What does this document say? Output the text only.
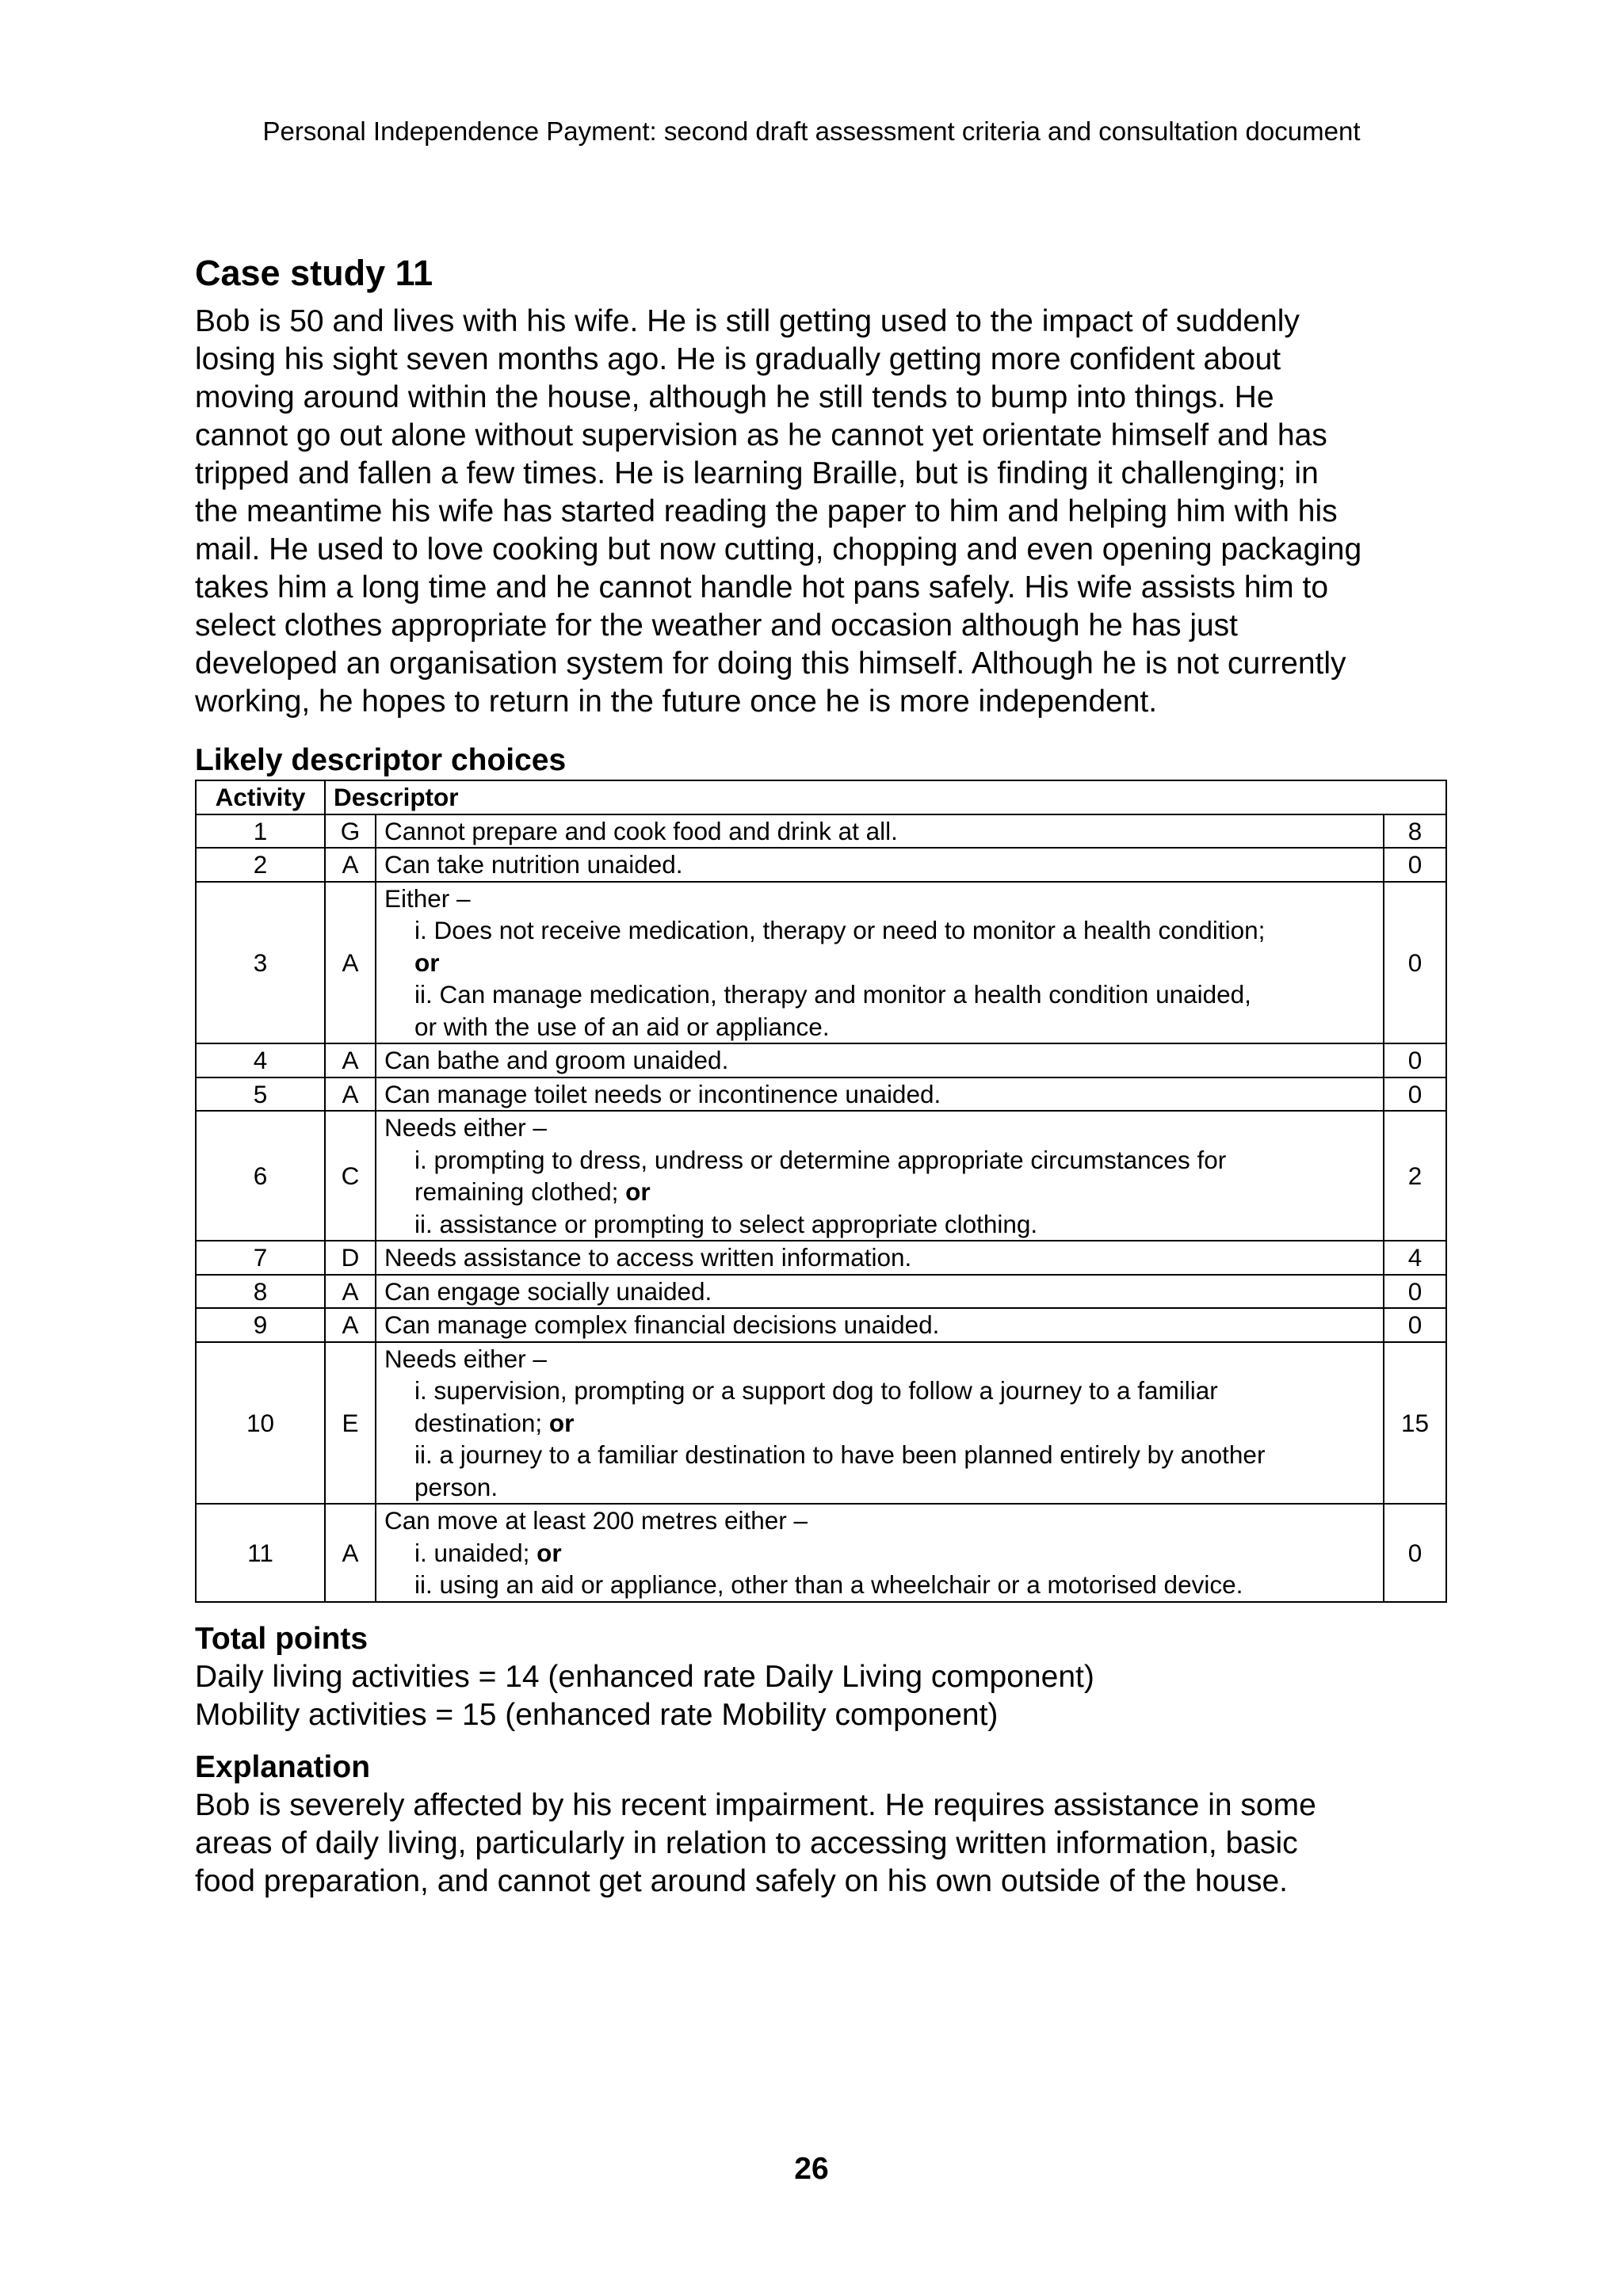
Personal Independence Payment: second draft assessment criteria and consultation document
Case study 11
Bob is 50 and lives with his wife. He is still getting used to the impact of suddenly
losing his sight seven months ago. He is gradually getting more confident about
moving around within the house, although he still tends to bump into things. He
cannot go out alone without supervision as he cannot yet orientate himself and has
tripped and fallen a few times. He is learning Braille, but is finding it challenging; in
the meantime his wife has started reading the paper to him and helping him with his
mail. He used to love cooking but now cutting, chopping and even opening packaging
takes him a long time and he cannot handle hot pans safely. His wife assists him to
select clothes appropriate for the weather and occasion although he has just
developed an organisation system for doing this himself. Although he is not currently
working, he hopes to return in the future once he is more independent.
Likely descriptor choices
Activity	Descriptor		
1	G	Cannot prepare and cook food and drink at all.	8
2	A	Can take nutrition unaided.	0
3	A	Either –
i. Does not receive medication, therapy or need to monitor a health condition;
or
ii. Can manage medication, therapy and monitor a health condition unaided,
or with the use of an aid or appliance.	0
4	A	Can bathe and groom unaided.	0
5	A	Can manage toilet needs or incontinence unaided.	0
6	C	Needs either –
i. prompting to dress, undress or determine appropriate circumstances for
remaining clothed; or
ii. assistance or prompting to select appropriate clothing.	2
7	D	Needs assistance to access written information.	4
8	A	Can engage socially unaided.	0
9	A	Can manage complex financial decisions unaided.	0
10	E	Needs either –
i. supervision, prompting or a support dog to follow a journey to a familiar
destination; or
ii. a journey to a familiar destination to have been planned entirely by another
person.	15
11	A	Can move at least 200 metres either –
i. unaided; or
ii. using an aid or appliance, other than a wheelchair or a motorised device.	0
Total points
Daily living activities = 14 (enhanced rate Daily Living component)
Mobility activities = 15 (enhanced rate Mobility component)
Explanation
Bob is severely affected by his recent impairment. He requires assistance in some
areas of daily living, particularly in relation to accessing written information, basic
food preparation, and cannot get around safely on his own outside of the house.
26
